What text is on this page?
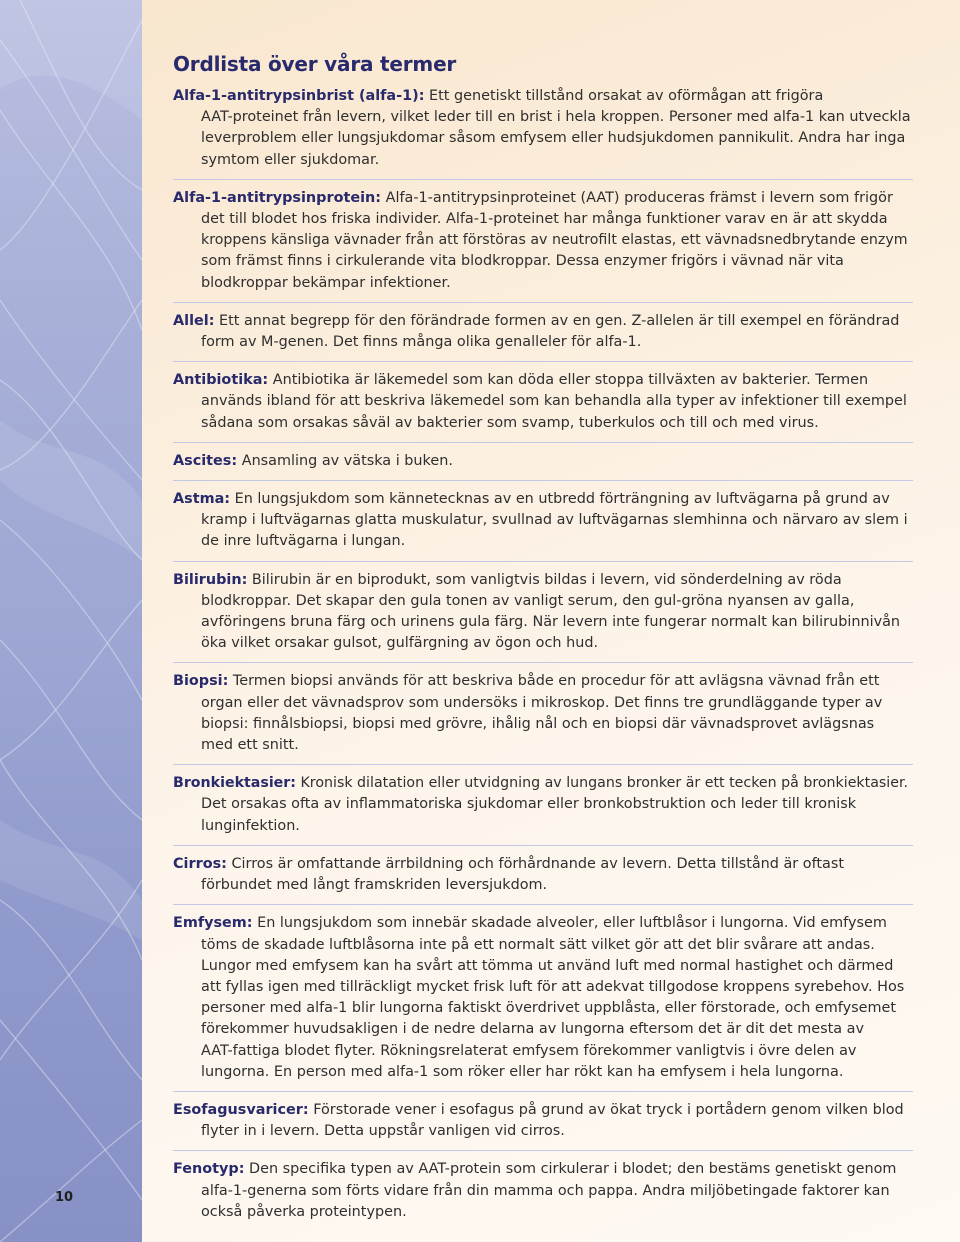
10
Ordlista över våra termer
Alfa-1-antitrypsinbrist (alfa-1): Ett genetiskt tillstånd orsakat av oförmågan att frigöra
AAT-proteinet från levern, vilket leder till en brist i hela kroppen. Personer med alfa-1 kan utveckla
leverproblem eller lungsjukdomar såsom emfysem eller hudsjukdomen pannikulit. Andra har inga
symtom eller sjukdomar.
Alfa-1-antitrypsinprotein: Alfa-1-antitrypsinproteinet (AAT) produceras främst i levern som frigör
det till blodet hos friska individer. Alfa-1-proteinet har många funktioner varav en är att skydda
kroppens känsliga vävnader från att förstöras av neutrofilt elastas, ett vävnadsnedbrytande enzym
som främst finns i cirkulerande vita blodkroppar. Dessa enzymer frigörs i vävnad när vita
blodkroppar bekämpar infektioner.
Allel: Ett annat begrepp för den förändrade formen av en gen. Z-allelen är till exempel en förändrad
form av M-genen. Det finns många olika genalleler för alfa-1.
Antibiotika: Antibiotika är läkemedel som kan döda eller stoppa tillväxten av bakterier. Termen
används ibland för att beskriva läkemedel som kan behandla alla typer av infektioner till exempel
sådana som orsakas såväl av bakterier som svamp, tuberkulos och till och med virus.
Ascites: Ansamling av vätska i buken.
Astma: En lungsjukdom som kännetecknas av en utbredd förträngning av luftvägarna på grund av
kramp i luftvägarnas glatta muskulatur, svullnad av luftvägarnas slemhinna och närvaro av slem i
de inre luftvägarna i lungan.
Bilirubin: Bilirubin är en biprodukt, som vanligtvis bildas i levern, vid sönderdelning av röda
blodkroppar. Det skapar den gula tonen av vanligt serum, den gul-gröna nyansen av galla,
avföringens bruna färg och urinens gula färg. När levern inte fungerar normalt kan bilirubinnivån
öka vilket orsakar gulsot, gulfärgning av ögon och hud.
Biopsi: Termen biopsi används för att beskriva både en procedur för att avlägsna vävnad från ett
organ eller det vävnadsprov som undersöks i mikroskop. Det finns tre grundläggande typer av
biopsi: finnålsbiopsi, biopsi med grövre, ihålig nål och en biopsi där vävnadsprovet avlägsnas
med ett snitt.
Bronkiektasier: Kronisk dilatation eller utvidgning av lungans bronker är ett tecken på bronkiektasier.
Det orsakas ofta av inflammatoriska sjukdomar eller bronkobstruktion och leder till kronisk
lunginfektion.
Cirros: Cirros är omfattande ärrbildning och förhårdnande av levern. Detta tillstånd är oftast
förbundet med långt framskriden leversjukdom.
Emfysem: En lungsjukdom som innebär skadade alveoler, eller luftblåsor i lungorna. Vid emfysem
töms de skadade luftblåsorna inte på ett normalt sätt vilket gör att det blir svårare att andas.
Lungor med emfysem kan ha svårt att tömma ut använd luft med normal hastighet och därmed
att fyllas igen med tillräckligt mycket frisk luft för att adekvat tillgodose kroppens syrebehov. Hos
personer med alfa-1 blir lungorna faktiskt överdrivet uppblåsta, eller förstorade, och emfysemet
förekommer huvudsakligen i de nedre delarna av lungorna eftersom det är dit det mesta av
AAT-fattiga blodet flyter. Rökningsrelaterat emfysem förekommer vanligtvis i övre delen av
lungorna. En person med alfa-1 som röker eller har rökt kan ha emfysem i hela lungorna.
Esofagusvaricer: Förstorade vener i esofagus på grund av ökat tryck i portådern genom vilken blod
flyter in i levern. Detta uppstår vanligen vid cirros.
Fenotyp: Den specifika typen av AAT-protein som cirkulerar i blodet; den bestäms genetiskt genom
alfa-1-generna som förts vidare från din mamma och pappa. Andra miljöbetingade faktorer kan
också påverka proteintypen.
